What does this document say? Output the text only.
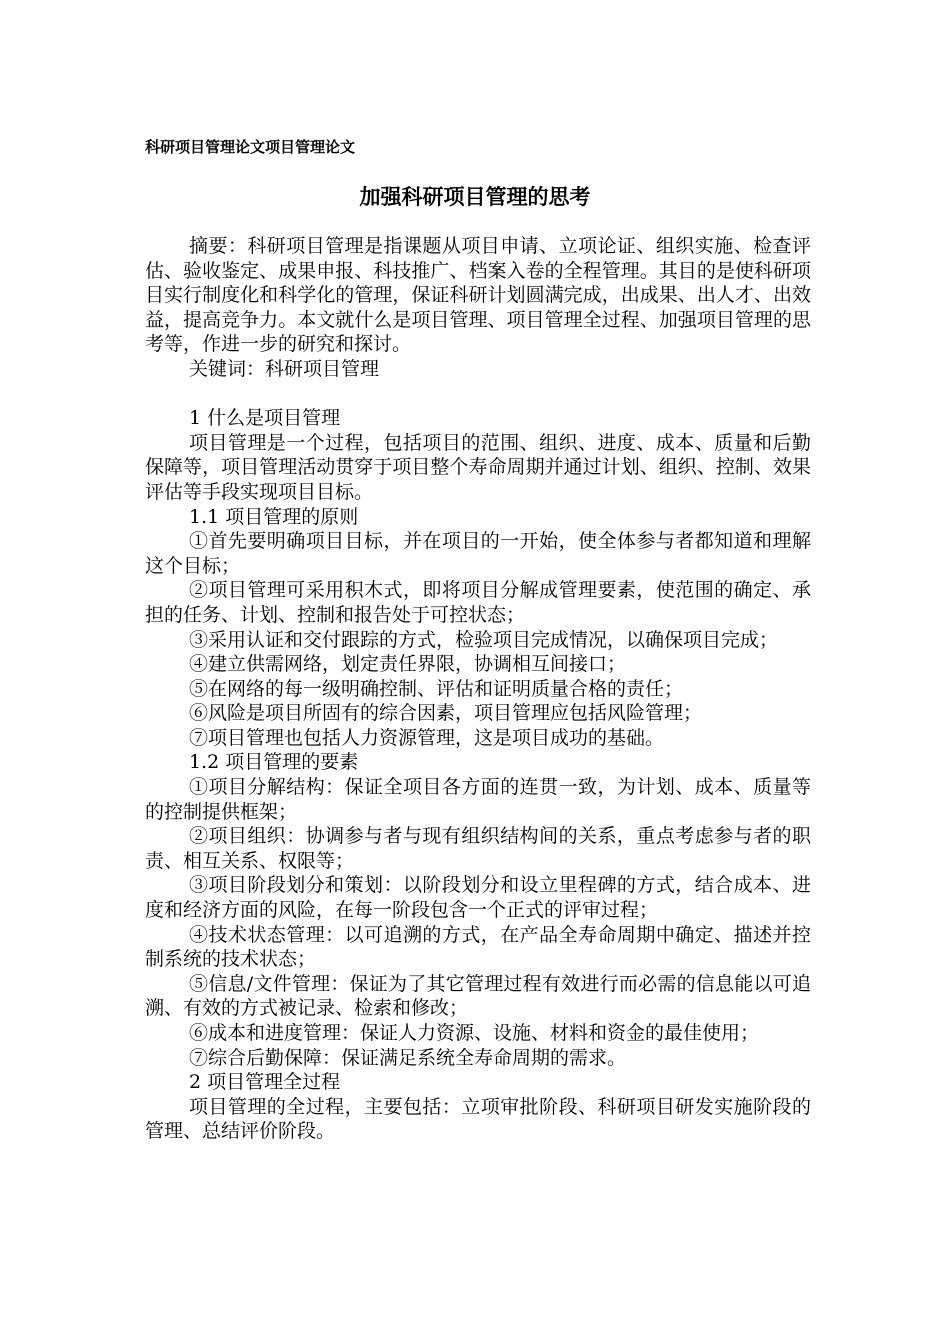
科研项目管理论文项目管理论文
加强科研项目管理的思考

摘要：科研项目管理是指课题从项目申请、立项论证、组织实施、检查评估、验收鉴定、成果申报、科技推广、档案入卷的全程管理。其目的是使科研项目实行制度化和科学化的管理，保证科研计划圆满完成，出成果、出人才、出效益，提高竞争力。本文就什么是项目管理、项目管理全过程、加强项目管理的思考等，作进一步的研究和探讨。

关键词：科研项目管理

1 什么是项目管理

项目管理是一个过程，包括项目的范围、组织、进度、成本、质量和后勤保障等，项目管理活动贯穿于项目整个寿命周期并通过计划、组织、控制、效果评估等手段实现项目目标。

1.1 项目管理的原则

①首先要明确项目目标，并在项目的一开始，使全体参与者都知道和理解这个目标；

②项目管理可采用积木式，即将项目分解成管理要素，使范围的确定、承担的任务、计划、控制和报告处于可控状态；

③采用认证和交付跟踪的方式，检验项目完成情况，以确保项目完成；

④建立供需网络，划定责任界限，协调相互间接口；

⑤在网络的每一级明确控制、评估和证明质量合格的责任；

⑥风险是项目所固有的综合因素，项目管理应包括风险管理；

⑦项目管理也包括人力资源管理，这是项目成功的基础。

1.2 项目管理的要素

①项目分解结构：保证全项目各方面的连贯一致，为计划、成本、质量等的控制提供框架；

②项目组织：协调参与者与现有组织结构间的关系，重点考虑参与者的职责、相互关系、权限等；

③项目阶段划分和策划：以阶段划分和设立里程碑的方式，结合成本、进度和经济方面的风险，在每一阶段包含一个正式的评审过程；

④技术状态管理：以可追溯的方式，在产品全寿命周期中确定、描述并控制系统的技术状态；

⑤信息/文件管理：保证为了其它管理过程有效进行而必需的信息能以可追溯、有效的方式被记录、检索和修改；

⑥成本和进度管理：保证人力资源、设施、材料和资金的最佳使用；

⑦综合后勤保障：保证满足系统全寿命周期的需求。

2 项目管理全过程

项目管理的全过程，主要包括：立项审批阶段、科研项目研发实施阶段的管理、总结评价阶段。
